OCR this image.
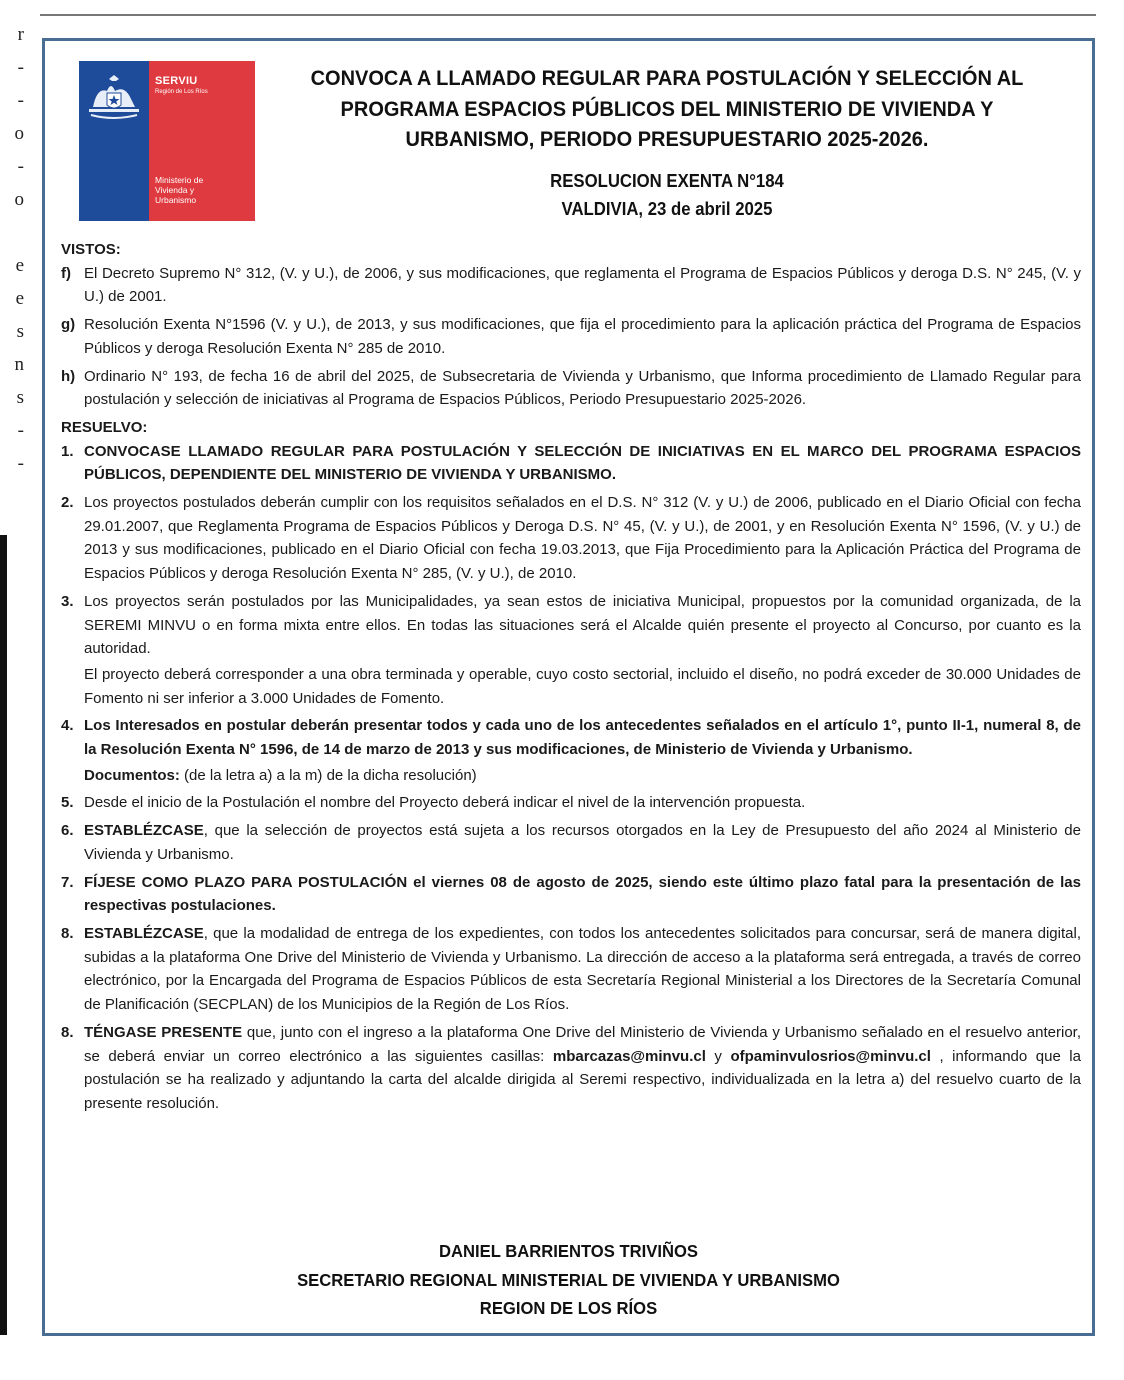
r
-
-
o
-
o
e
e
s
n
s
-
-
SERVIU
Región de Los Ríos
Ministerio de
Vivienda y
Urbanismo
CONVOCA A LLAMADO REGULAR PARA POSTULACIÓN Y SELECCIÓN AL
PROGRAMA ESPACIOS PÚBLICOS DEL MINISTERIO DE VIVIENDA Y
URBANISMO, PERIODO PRESUPUESTARIO 2025-2026.
RESOLUCION EXENTA N°184
VALDIVIA, 23 de abril 2025

VISTOS:

f) El Decreto Supremo N° 312, (V. y U.), de 2006, y sus modificaciones, que reglamenta el Programa de Espacios Públicos y deroga D.S. N° 245, (V. y U.) de 2001.
g) Resolución Exenta N°1596 (V. y U.), de 2013, y sus modificaciones, que fija el procedimiento para la aplicación práctica del Programa de Espacios Públicos y deroga Resolución Exenta N° 285 de 2010.
h) Ordinario N° 193, de fecha 16 de abril del 2025, de Subsecretaria de Vivienda y Urbanismo, que Informa procedimiento de Llamado Regular para postulación y selección de iniciativas al Programa de Espacios Públicos, Periodo Presupuestario 2025-2026.

RESUELVO:

1. CONVOCASE LLAMADO REGULAR PARA POSTULACIÓN Y SELECCIÓN DE INICIATIVAS EN EL MARCO DEL PROGRAMA ESPACIOS PÚBLICOS, DEPENDIENTE DEL MINISTERIO DE VIVIENDA Y URBANISMO.
2. Los proyectos postulados deberán cumplir con los requisitos señalados en el D.S. N° 312 (V. y U.) de 2006, publicado en el Diario Oficial con fecha 29.01.2007, que Reglamenta Programa de Espacios Públicos y Deroga D.S. N° 45, (V. y U.), de 2001, y en Resolución Exenta N° 1596, (V. y U.) de 2013 y sus modificaciones, publicado en el Diario Oficial con fecha 19.03.2013, que Fija Procedimiento para la Aplicación Práctica del Programa de Espacios Públicos y deroga Resolución Exenta N° 285, (V. y U.), de 2010.
3. Los proyectos serán postulados por las Municipalidades, ya sean estos de iniciativa Municipal, propuestos por la comunidad organizada, de la SEREMI MINVU o en forma mixta entre ellos. En todas las situaciones será el Alcalde quién presente el proyecto al Concurso, por cuanto es la autoridad.
El proyecto deberá corresponder a una obra terminada y operable, cuyo costo sectorial, incluido el diseño, no podrá exceder de 30.000 Unidades de Fomento ni ser inferior a 3.000 Unidades de Fomento.
4. Los Interesados en postular deberán presentar todos y cada uno de los antecedentes señalados en el artículo 1°, punto II-1, numeral 8, de la Resolución Exenta N° 1596, de 14 de marzo de 2013 y sus modificaciones, de Ministerio de Vivienda y Urbanismo.
Documentos: (de la letra a) a la m) de la dicha resolución)
5. Desde el inicio de la Postulación el nombre del Proyecto deberá indicar el nivel de la intervención propuesta.
6. ESTABLÉZCASE, que la selección de proyectos está sujeta a los recursos otorgados en la Ley de Presupuesto del año 2024 al Ministerio de Vivienda y Urbanismo.
7. FÍJESE COMO PLAZO PARA POSTULACIÓN el viernes 08 de agosto de 2025, siendo este último plazo fatal para la presentación de las respectivas postulaciones.
8. ESTABLÉZCASE, que la modalidad de entrega de los expedientes, con todos los antecedentes solicitados para concursar, será de manera digital, subidas a la plataforma One Drive del Ministerio de Vivienda y Urbanismo. La dirección de acceso a la plataforma será entregada, a través de correo electrónico, por la Encargada del Programa de Espacios Públicos de esta Secretaría Regional Ministerial a los Directores de la Secretaría Comunal de Planificación (SECPLAN) de los Municipios de la Región de Los Ríos.
8. TÉNGASE PRESENTE que, junto con el ingreso a la plataforma One Drive del Ministerio de Vivienda y Urbanismo señalado en el resuelvo anterior, se deberá enviar un correo electrónico a las siguientes casillas: mbarcazas@minvu.cl y ofpaminvulosrios@minvu.cl , informando que la postulación se ha realizado y adjuntando la carta del alcalde dirigida al Seremi respectivo, individualizada en la letra a) del resuelvo cuarto de la presente resolución.
DANIEL BARRIENTOS TRIVIÑOS
SECRETARIO REGIONAL MINISTERIAL DE VIVIENDA Y URBANISMO
REGION DE LOS RÍOS
